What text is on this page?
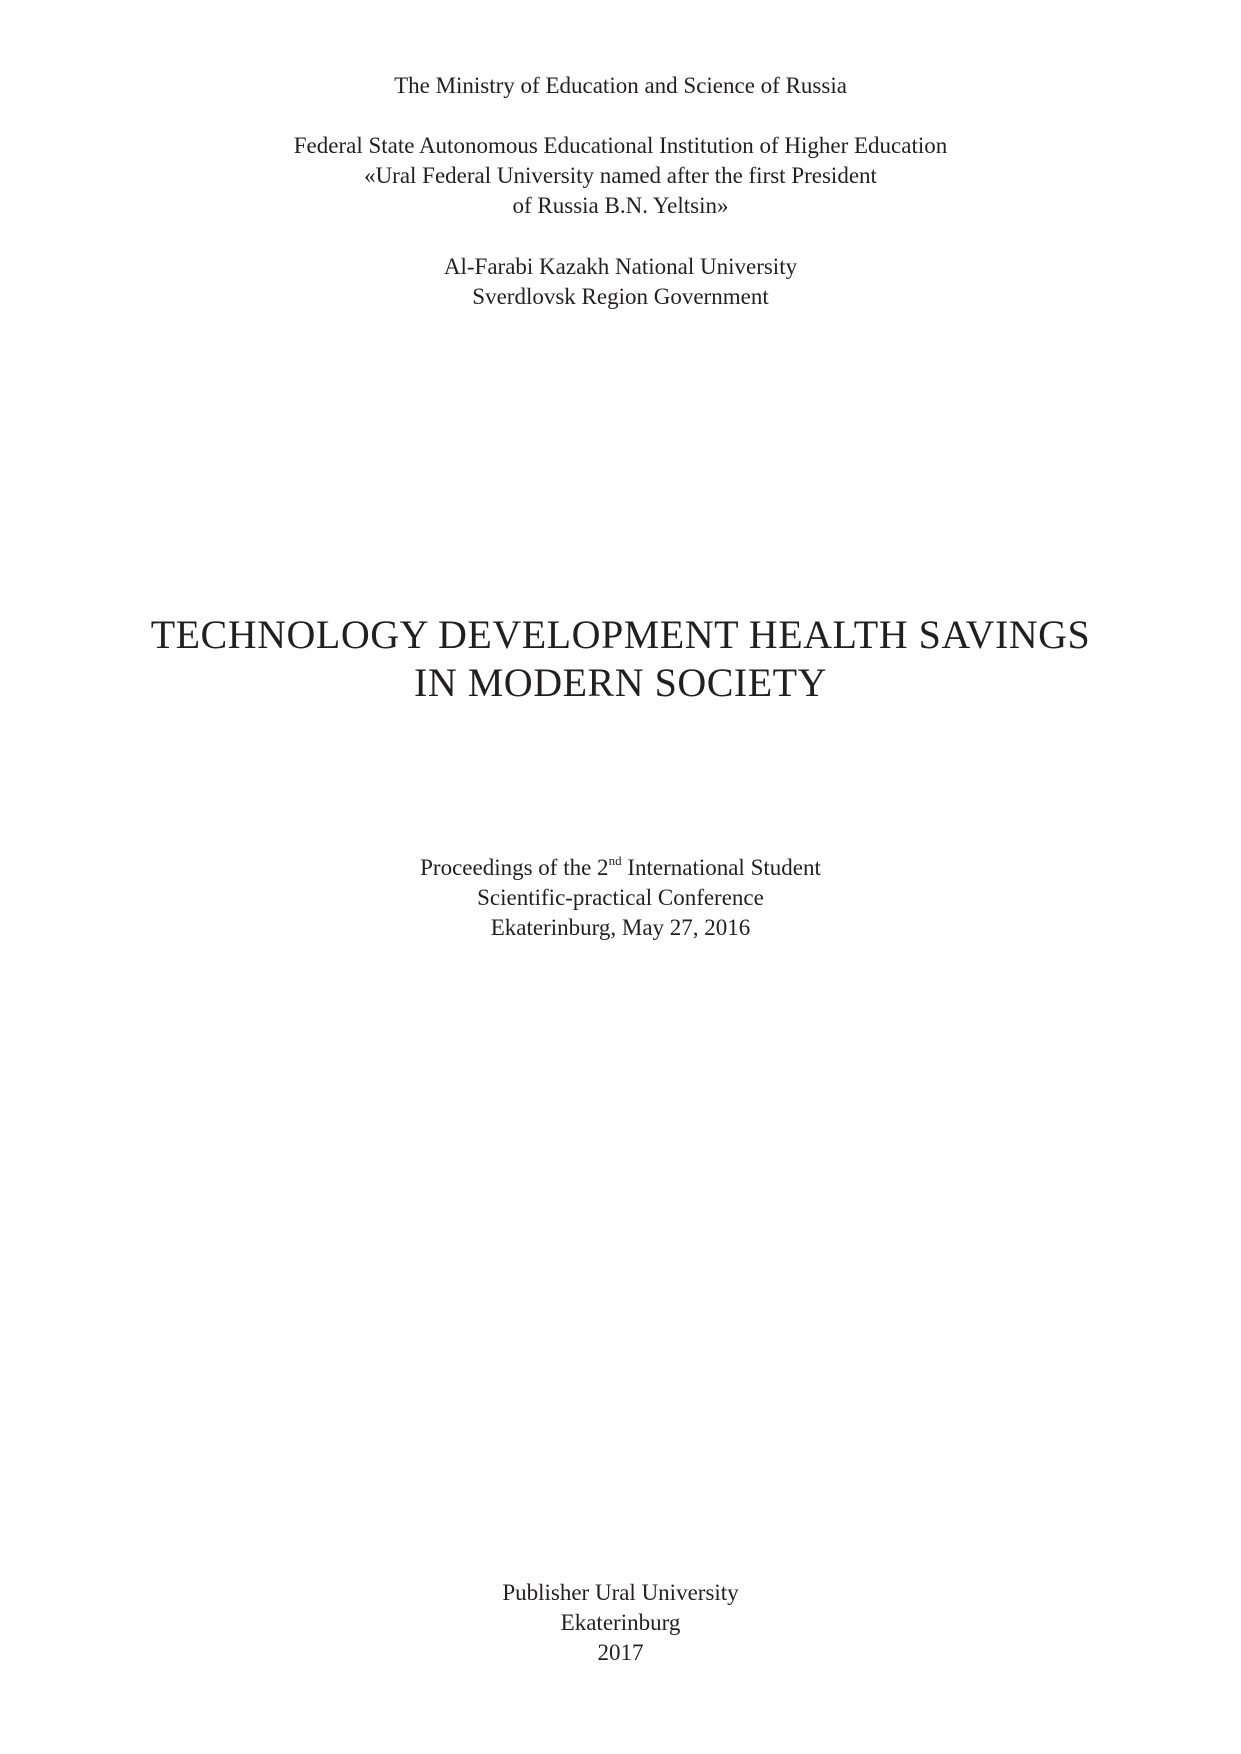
The Ministry of Education and Science of Russia
Federal State Autonomous Educational Institution of Higher Education
«Ural Federal University named after the first President
of Russia B.N. Yeltsin»
Al-Farabi Kazakh National University
Sverdlovsk Region Government
TECHNOLOGY DEVELOPMENT HEALTH SAVINGS
IN MODERN SOCIETY
Proceedings of the 2nd International Student
Scientific-practical Conference
Ekaterinburg, May 27, 2016
Publisher Ural University
Ekaterinburg
2017
